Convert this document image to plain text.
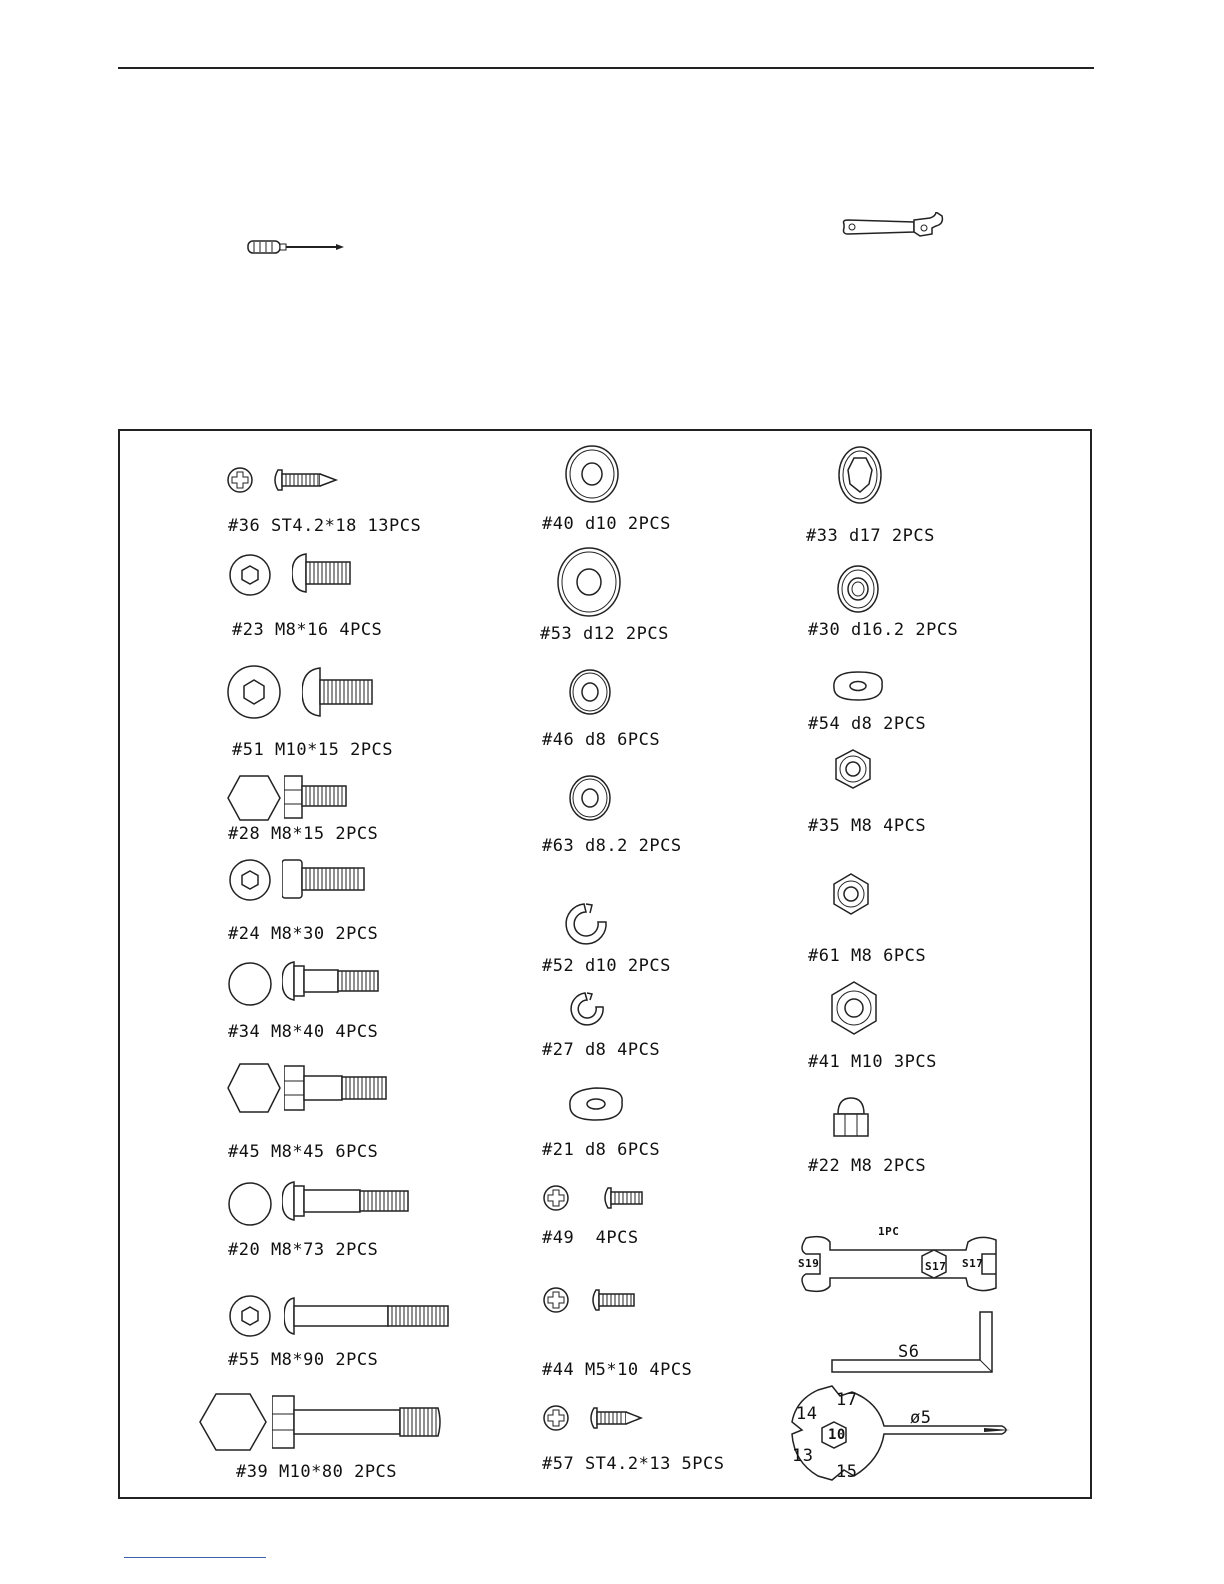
#36 ST4.2*18 13PCS
#23 M8*16 4PCS
#51 M10*15 2PCS
#28 M8*15 2PCS
#24 M8*30 2PCS
#34 M8*40 4PCS
#45 M8*45 6PCS
#20 M8*73 2PCS
#55 M8*90 2PCS
#39 M10*80 2PCS
#40 d10 2PCS
#53 d12 2PCS
#46 d8 6PCS
#63 d8.2 2PCS
#52 d10 2PCS
#27 d8 4PCS
#21 d8 6PCS
#49  4PCS
#44 M5*10 4PCS
#57 ST4.2*13 5PCS
#33 d17 2PCS
#30 d16.2 2PCS
#54 d8 2PCS
#35 M8 4PCS
#61 M8 6PCS
#41 M10 3PCS
#22 M8 2PCS
1PC
S19	S17 S17
S6
17
14
10
13
15
ø5
